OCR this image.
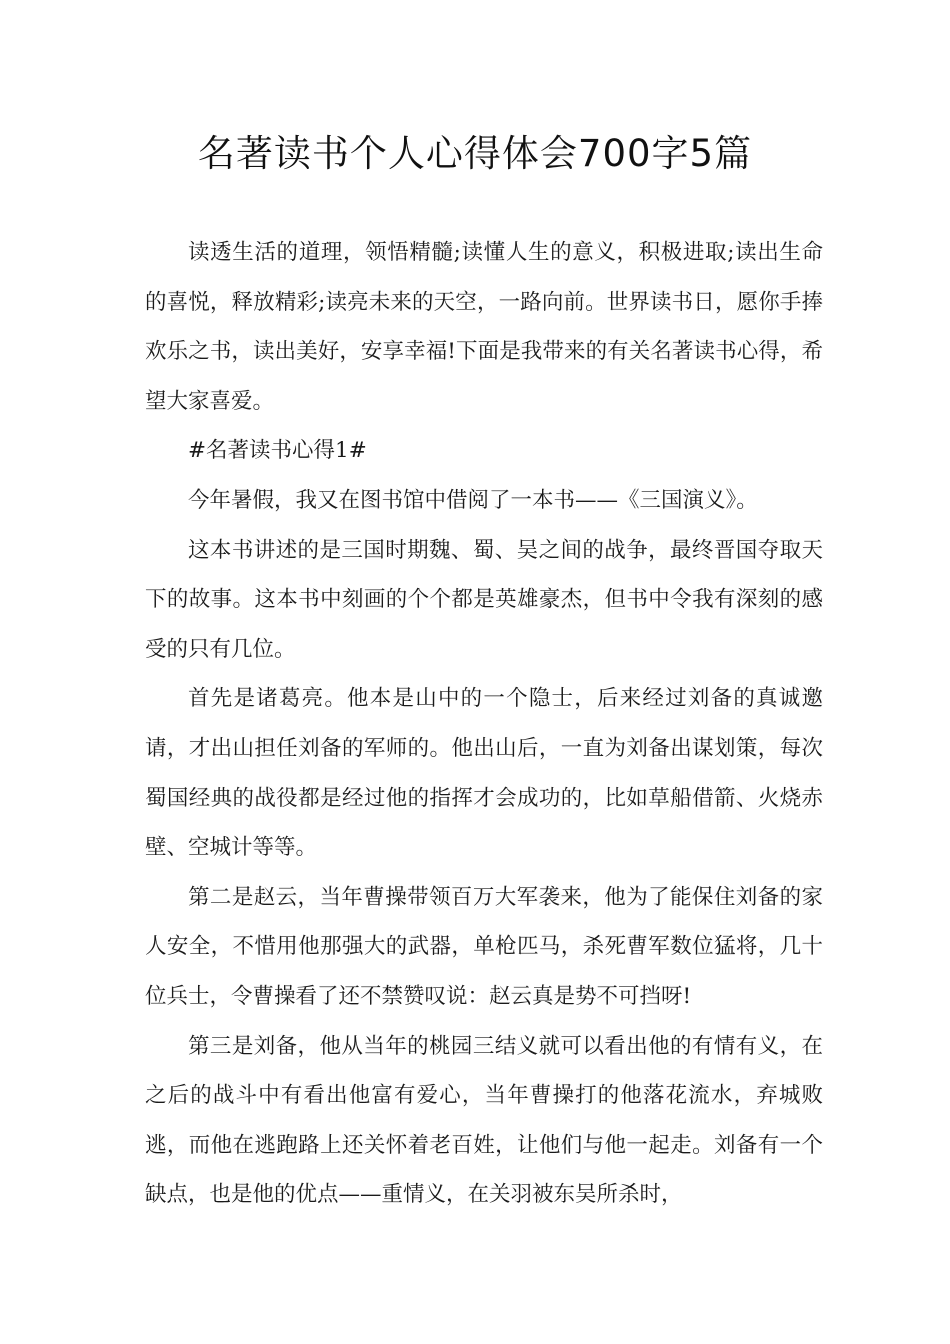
名著读书个人心得体会700字5篇

读透生活的道理，领悟精髓;读懂人生的意义，积极进取;读出生命的喜悦，释放精彩;读亮未来的天空，一路向前。世界读书日，愿你手捧欢乐之书，读出美好，安享幸福!下面是我带来的有关名著读书心得，希望大家喜爱。

#名著读书心得1#

今年暑假，我又在图书馆中借阅了一本书——《三国演义》。

这本书讲述的是三国时期魏、蜀、吴之间的战争，最终晋国夺取天下的故事。这本书中刻画的个个都是英雄豪杰，但书中令我有深刻的感受的只有几位。

首先是诸葛亮。他本是山中的一个隐士，后来经过刘备的真诚邀请，才出山担任刘备的军师的。他出山后，一直为刘备出谋划策，每次蜀国经典的战役都是经过他的指挥才会成功的，比如草船借箭、火烧赤壁、空城计等等。

第二是赵云，当年曹操带领百万大军袭来，他为了能保住刘备的家人安全，不惜用他那强大的武器，单枪匹马，杀死曹军数位猛将，几十位兵士，令曹操看了还不禁赞叹说：赵云真是势不可挡呀!

第三是刘备，他从当年的桃园三结义就可以看出他的有情有义，在之后的战斗中有看出他富有爱心，当年曹操打的他落花流水，弃城败逃，而他在逃跑路上还关怀着老百姓，让他们与他一起走。刘备有一个缺点，也是他的优点——重情义，在关羽被东吴所杀时，
